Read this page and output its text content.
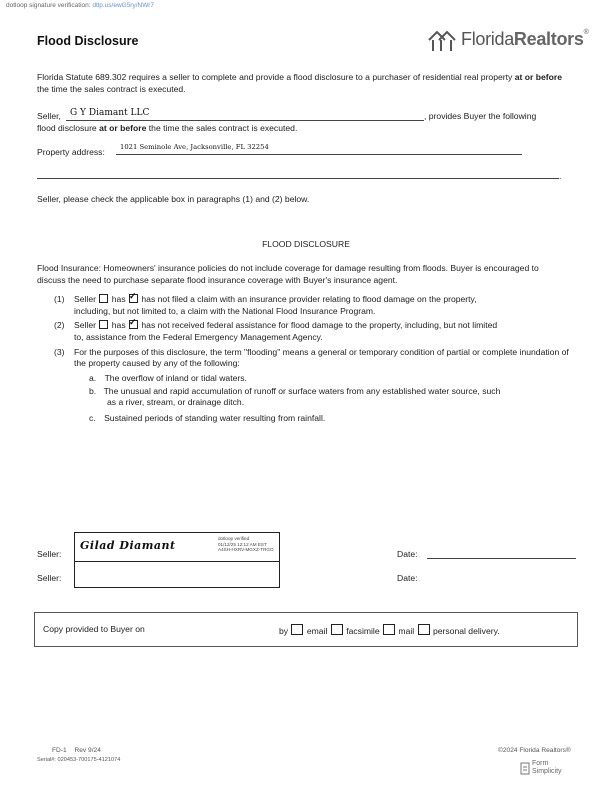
dotloop signature verification: dtlp.us/ewG5ry/NWr7
Flood Disclosure	FloridaRealtors®
Florida Statute 689.302 requires a seller to complete and provide a flood disclosure to a purchaser of residential real property at or before the time the sales contract is executed.
Seller, G Y Diamant LLC	, provides Buyer the following
flood disclosure at or before the time the sales contract is executed.
Property address: 1021 Seminole Ave, Jacksonville, FL 32254
.
Seller, please check the applicable box in paragraphs (1) and (2) below.
FLOOD DISCLOSURE
Flood Insurance: Homeowners' insurance policies do not include coverage for damage resulting from floods. Buyer is encouraged to discuss the need to purchase separate flood insurance coverage with Buyer's insurance agent.
(1) Seller has ✓ has not filed a claim with an insurance provider relating to flood damage on the property,
including, but not limited to, a claim with the National Flood Insurance Program.
(2) Seller has ✓ has not received federal assistance for flood damage to the property, including, but not limited
to, assistance from the Federal Emergency Management Agency.
(3) For the purposes of this disclosure, the term "flooding" means a general or temporary condition of partial or complete inundation of the property caused by any of the following:
a. The overflow of inland or tidal waters.
b. The unusual and rapid accumulation of runoff or surface waters from any established water source, such
as a river, stream, or drainage ditch.
c. Sustained periods of standing water resulting from rainfall.
Seller:
Gilad Diamant
dotloop verified
01/12/25 12:12 AM EST
A4SH-HXRV-MGXZ-TRGO	Date:
Seller:	Date:
Copy provided to Buyer on	by email facsimile mail personal delivery.
FD-1 Rev 9/24
Serial#: 020453-700175-4121074
©2024 Florida Realtors®
Form
Simplicity
